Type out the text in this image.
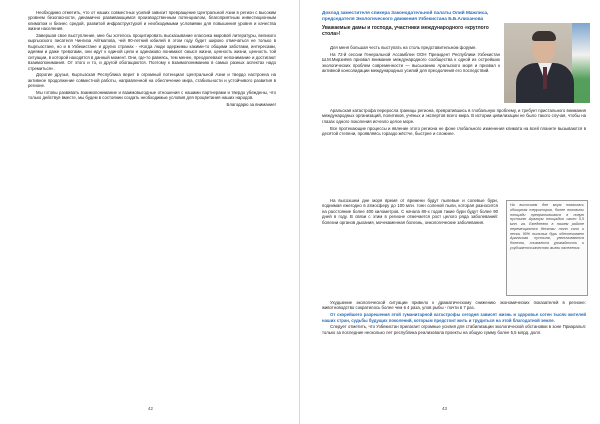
Необходимо отметить, что от наших совместных усилий зависит превращение Центральной Азии в регион с высоким уровнем безопасности, динамично развивающимся производственным потенциалом, благоприятным инвестиционным климатом и бизнес средой, развитой инфраструктурой и необходимыми условиями для повышения уровня и качества жизни населения.

Завершая свое выступление, мне бы хотелось процитировать высказывание классика мировой литературы, великого кыргызского писателя Чингиза Айтматова, чей 90-летний юбилей в этом году будет широко отмечаться не только в Кыргызстане, но и в Узбекистане и других странах - «Когда люди одержимы какими-то общими заботами, интересами, идеями и даже тревогами, они идут к единой цели и одинаково понимают смысл жизни, ценность жизни, ценность той ситуации, в которой находятся в данный момент. Они, где-то равнясь, тем менее, преодолевают непонимание и достигают взаимопонимания. От этого и то, и другой обогащаются. Поэтому к взаимопониманию в самых разных аспектах надо стремиться».

Дорогие друзья, Кыргызская Республика верит в огромный потенциал Центральной Азии и твердо настроена на активное продолжение совместной работы, направленной на обеспечение мира, стабильности и устойчивого развития в регионе.

Мы готовы развивать взаимопонимание и взаимовыгодные отношения с нашими партнерами и твердо убеждены, что только действуя вместе, мы будем в состоянии создать необходимые условия для процветания наших народов.

Благодарю за внимание!

42
Доклад заместителя спикера Законодательной палаты Олий Мажлиса,
председателя Экологического движения Узбекистана Б.Б.Алиханова
Уважаемые дамы и господа, участники международного «круглого стола»!

Для меня большая честь выступать на столь представительном форуме.

На 72-й сессии Генеральной Ассамблеи ООН Президент Республики Узбекистан Ш.М.Мирзиёев призвал внимание международного сообщества к одной из острейших экологических проблем современности — высыханию Аральского моря и призвал к активной консолидации международных усилий для преодоления его последствий.

Аральская катастрофа переросла границы региона, превратившись в глобальную проблему, и требует пристального внимания международных организаций, политиков, учёных и экспертов всего мира. В истории цивилизации не было такого случая, чтобы на глазах одного поколения исчезло целое море.

Все протекающие процессы и явление этого региона не фоне глобального изменения климата на всей планете вызываются в десятой степени, проявляясь гораздо жёстче, быстрее и сложнее.

На высохшем дне моря время от времени будут пылевые и солевые бури, поднимая ежегодно в атмосферу до 100 млн. тонн соленой пыли, которая разносится на расстояние более 400 километров. С начала 80-х годов такие бури будут более 90 дней в году. В связи с этим в регионе отмечается рост целого ряда заболеваний: болезни органов дыхания, мочекаменная болезнь, онкологические заболевания.

На высохшем дне моря появилась обширная территория, более половины площади превратившаяся в новую пустыню Аралкум площадью около 5,5 млн. га. Ежедневно в нашем районе перемещаются десятки тонн соли и песка, 90% пыльных бурь обеспечивает Аральская пустыня, увеличиваются болезни, снижается урожайность и ухудшается качество жизни населения.

Ухудшение экологической ситуации привело к драматическому снижению экономических показателей в регионе: животноводство сократилось более чем в 4 раза, улов рыбы - почти в 7 раз.

От скорейшего разрешения этой гуманитарной катастрофы сегодня зависят жизнь и здоровье сотен тысяч жителей наших стран, судьбы будущих поколений, которым предстоит жить и трудиться на этой благодатной земле.

Следует отметить, что Узбекистан прилагает огромные усилия для стабилизации экологической обстановки в зоне Приаралья: только за последние несколько лет республика реализовала проекты на общую сумму более 5,5 млрд. долл.

43
